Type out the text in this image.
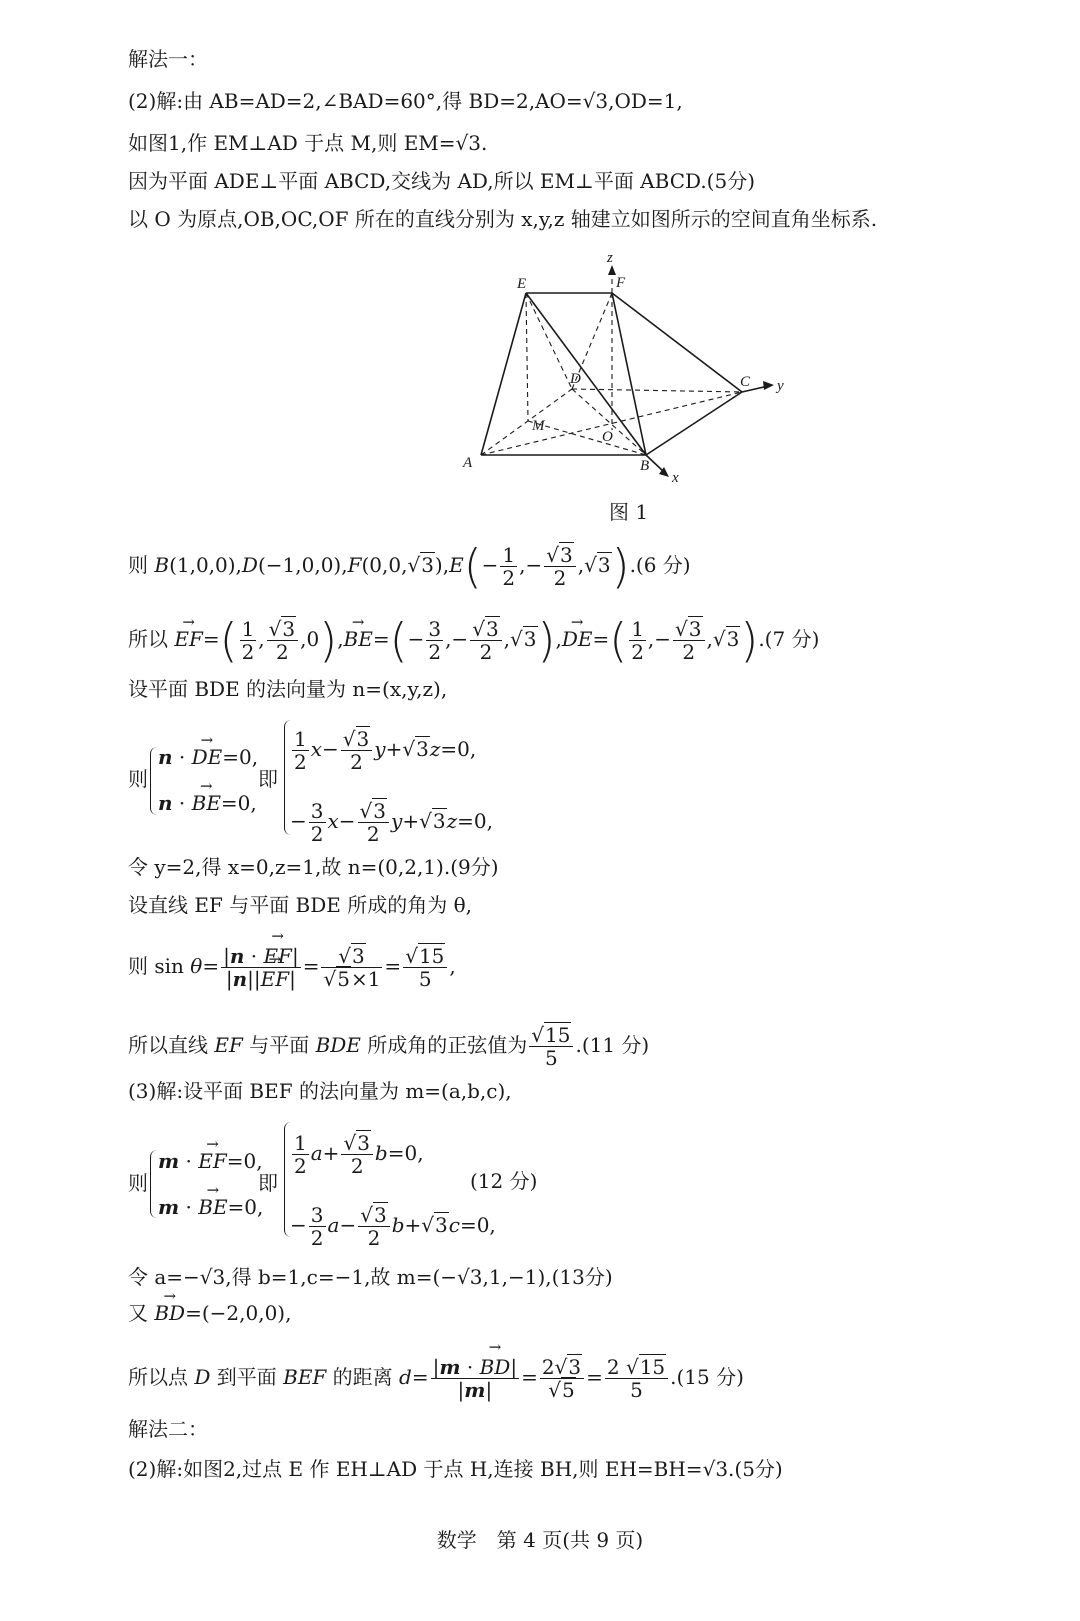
解法一：
(2)解:由 AB=AD=2,∠BAD=60°,得 BD=2,AO=√3,OD=1,
如图1,作 EM⊥AD 于点 M,则 EM=√3.
因为平面 ADE⊥平面 ABCD,交线为 AD,所以 EM⊥平面 ABCD.(5分)
以 O 为原点,OB,OC,OF 所在的直线分别为 x,y,z 轴建立如图所示的空间直角坐标系.
E	F
z
D	C y
M
O
A	B
x
图 1
则 B(1,0,0),D(−1,0,0),F(0,0,√ $3),E(- \frac{1}{2}$ ,−
√ $\frac{3}{2}$ ,√ 3).(6 分)
所以 → $EF=( \frac{1}{2}$ ,
√ $\frac{3}{2} ,0),\to BE=(- \frac{3}{2}$ ,−
√ $\frac{3}{2}$ ,√ $3),\to DE=( \frac{1}{2}$ ,−
√ $\frac{3}{2}$ ,√ 3).(7 分)
设平面 BDE 的法向量为 n=(x,y,z),
则
n · → DE=0,
n · → BE=0,
即
$\frac{1}{2} x-$
√ $\frac{3}{2} y+√$ 3z=0,
− $\frac{3}{2} x-$
√ $\frac{3}{2} y+√$ 3z=0,
令 y=2,得 x=0,z=1,故 n=(0,2,1).(9分)
设直线 EF 与平面 BDE 所成的角为 θ,
则 $\sin \theta= \frac{|n \cdot \to EF|}{|n||\to EF|}$ =
√ 3
√ 5×1 =
√ $\frac{15}{5}$ ,
所以直线 EF 与平面 BDE 所成角的正弦值为
√ $\frac{15}{5} .(11$ 分)
(3)解:设平面 BEF 的法向量为 m=(a,b,c),
则
m · → EF=0,
m · → BE=0,
即
$\frac{1}{2} a+$
√ $\frac{3}{2} b=0$,
− $\frac{3}{2} a-$
√ $\frac{3}{2} b+√$ 3c=0,
(12 分)
令 a=−√3,得 b=1,c=−1,故 m=(−√3,1,−1),(13分)
又 → BD=(−2,0,0),
所以点 D 到平面 BEF 的距离 $d= \frac{|m \cdot \to BD|}{|m|} = 2√$ 3
√ $5 = \frac{2 √ 15}{5} .(15$ 分)
解法二：
(2)解:如图2,过点 E 作 EH⊥AD 于点 H,连接 BH,则 EH=BH=√3.(5分)
数学　第 4 页(共 9 页)
